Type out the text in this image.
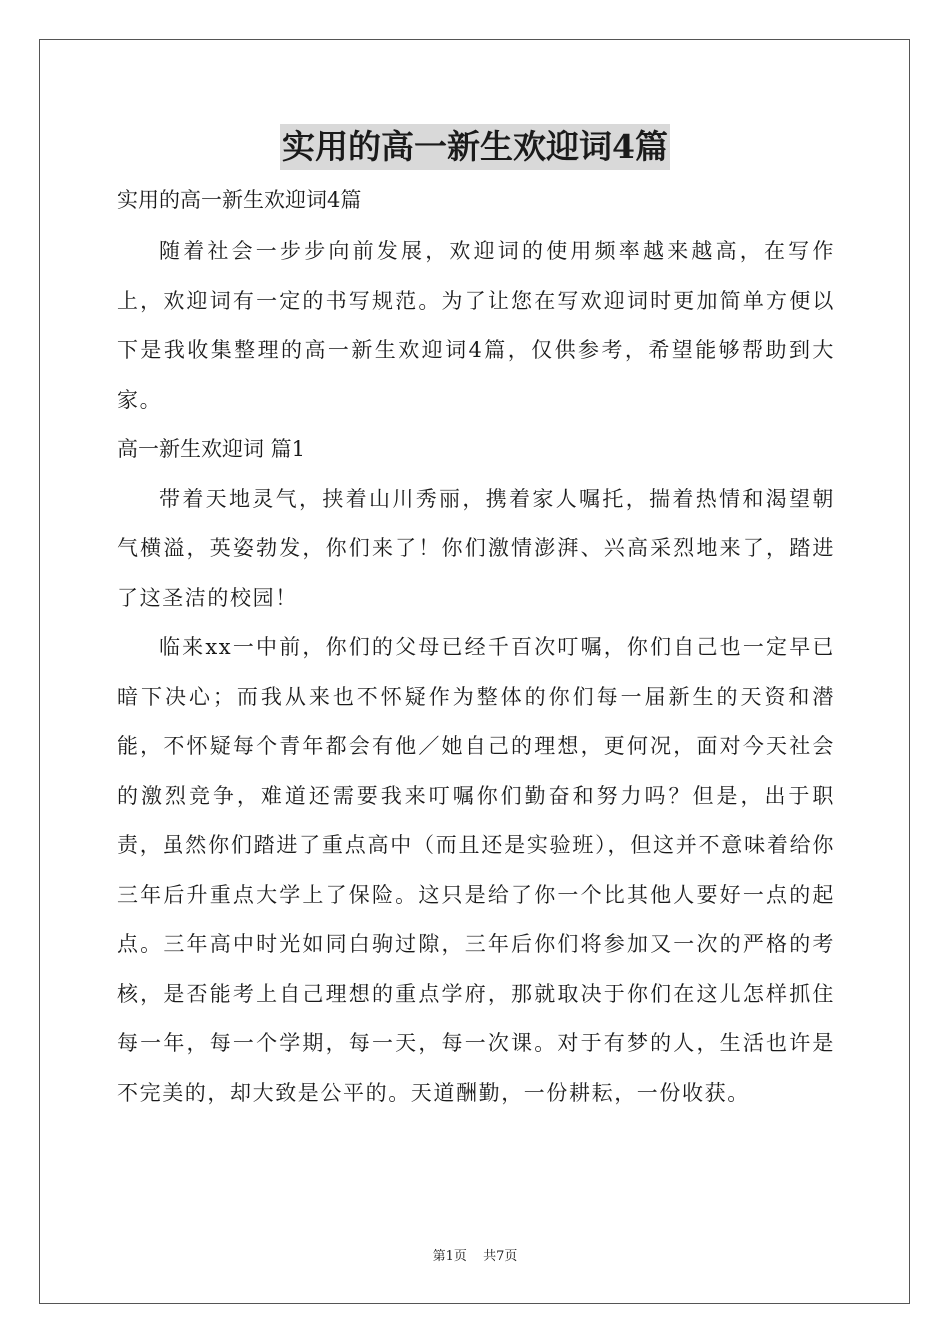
实用的高一新生欢迎词4篇

实用的高一新生欢迎词4篇

随着社会一步步向前发展，欢迎词的使用频率越来越高，在写作上，欢迎词有一定的书写规范。为了让您在写欢迎词时更加简单方便以下是我收集整理的高一新生欢迎词4篇，仅供参考，希望能够帮助到大家。

高一新生欢迎词 篇1

带着天地灵气，挟着山川秀丽，携着家人嘱托，揣着热情和渴望朝气横溢，英姿勃发，你们来了！你们激情澎湃、兴高采烈地来了，踏进了这圣洁的校园！

临来xx一中前，你们的父母已经千百次叮嘱，你们自己也一定早已暗下决心；而我从来也不怀疑作为整体的你们每一届新生的天资和潜能，不怀疑每个青年都会有他／她自己的理想，更何况，面对今天社会的激烈竞争，难道还需要我来叮嘱你们勤奋和努力吗？但是，出于职责，虽然你们踏进了重点高中（而且还是实验班），但这并不意味着给你三年后升重点大学上了保险。这只是给了你一个比其他人要好一点的起点。三年高中时光如同白驹过隙，三年后你们将参加又一次的严格的考核，是否能考上自己理想的重点学府，那就取决于你们在这儿怎样抓住每一年，每一个学期，每一天，每一次课。对于有梦的人，生活也许是不完美的，却大致是公平的。天道酬勤，一份耕耘，一份收获。

第1页 共7页
